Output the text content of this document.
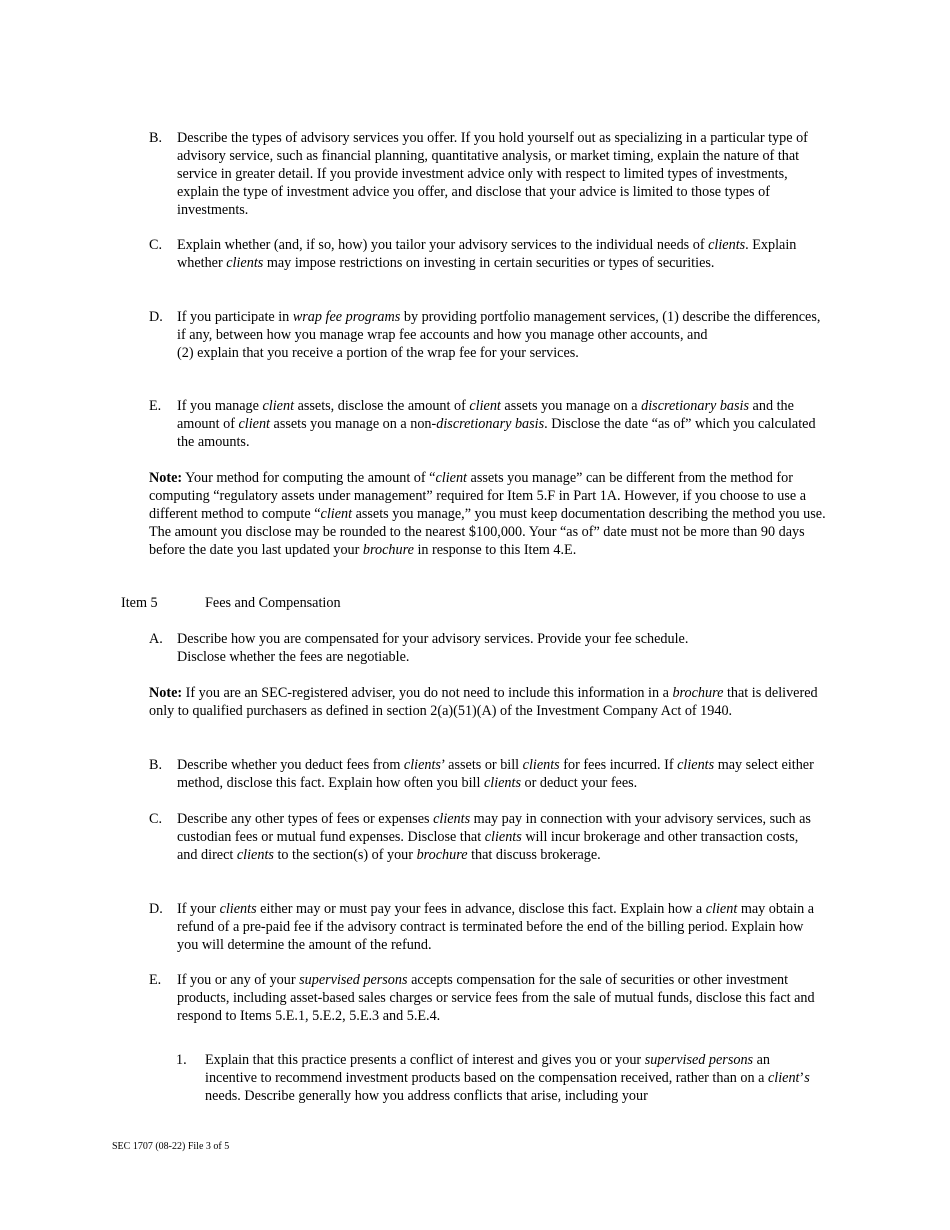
B. Describe the types of advisory services you offer. If you hold yourself out as specializing in a particular type of advisory service, such as financial planning, quantitative analysis, or market timing, explain the nature of that service in greater detail. If you provide investment advice only with respect to limited types of investments, explain the type of investment advice you offer, and disclose that your advice is limited to those types of investments.
C. Explain whether (and, if so, how) you tailor your advisory services to the individual needs of clients. Explain whether clients may impose restrictions on investing in certain securities or types of securities.
D. If you participate in wrap fee programs by providing portfolio management services, (1) describe the differences, if any, between how you manage wrap fee accounts and how you manage other accounts, and
(2) explain that you receive a portion of the wrap fee for your services.
E. If you manage client assets, disclose the amount of client assets you manage on a discretionary basis and the amount of client assets you manage on a non-discretionary basis. Disclose the date “as of” which you calculated the amounts.
Note: Your method for computing the amount of “client assets you manage” can be different from the method for computing “regulatory assets under management” required for Item 5.F in Part 1A. However, if you choose to use a different method to compute “client assets you manage,” you must keep documentation describing the method you use. The amount you disclose may be rounded to the nearest $100,000. Your “as of” date must not be more than 90 days before the date you last updated your brochure in response to this Item 4.E.
Item 5	Fees and Compensation
A. Describe how you are compensated for your advisory services. Provide your fee schedule.
Disclose whether the fees are negotiable.
Note: If you are an SEC-registered adviser, you do not need to include this information in a brochure that is delivered only to qualified purchasers as defined in section 2(a)(51)(A) of the Investment Company Act of 1940.
B. Describe whether you deduct fees from clients’ assets or bill clients for fees incurred. If clients may select either method, disclose this fact. Explain how often you bill clients or deduct your fees.
C. Describe any other types of fees or expenses clients may pay in connection with your advisory services, such as custodian fees or mutual fund expenses. Disclose that clients will incur brokerage and other transaction costs, and direct clients to the section(s) of your brochure that discuss brokerage.
D. If your clients either may or must pay your fees in advance, disclose this fact. Explain how a client may obtain a refund of a pre-paid fee if the advisory contract is terminated before the end of the billing period. Explain how you will determine the amount of the refund.
E. If you or any of your supervised persons accepts compensation for the sale of securities or other investment products, including asset-based sales charges or service fees from the sale of mutual funds, disclose this fact and respond to Items 5.E.1, 5.E.2, 5.E.3 and 5.E.4.
1. Explain that this practice presents a conflict of interest and gives you or your supervised persons an incentive to recommend investment products based on the compensation received, rather than on a client’s needs. Describe generally how you address conflicts that arise, including your
SEC 1707 (08-22) File 3 of 5
